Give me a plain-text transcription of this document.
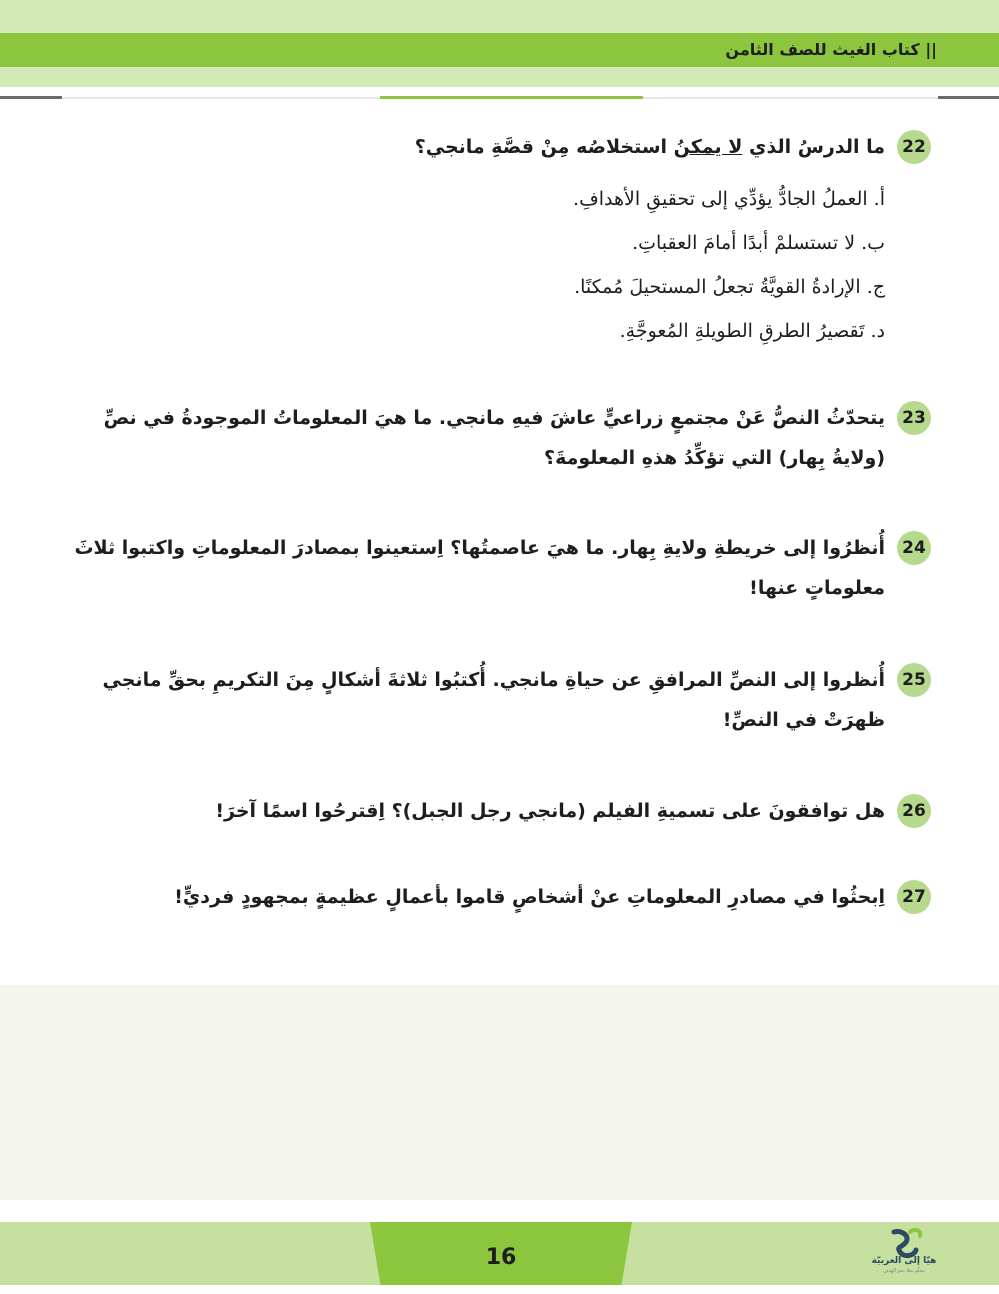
|| كتاب الغيث للصف الثامن
22
ما الدرسُ الذي لا يمكنُ استخلاصُه مِنْ قصَّةِ مانجي؟
أ. العملُ الجادُّ يؤدِّي إلى تحقيقِ الأهدافِ.
ب. لا تستسلمْ أبدًا أمامَ العقباتِ.
ج. الإرادةُ القويَّةُ تجعلُ المستحيلَ مُمكنًا.
د. تَقصيرُ الطرقِ الطويلةِ المُعوجَّةِ.
23
يتحدّثُ النصُّ عَنْ مجتمعٍ زراعيٍّ عاشَ فيهِ مانجي. ما هيَ المعلوماتُ الموجودةُ في نصِّ (ولايةُ بِهار) التي تؤكِّدُ هذهِ المعلومةَ؟
24
أُنظرُوا إلى خريطةِ ولايةِ بِهار. ما هيَ عاصمتُها؟ اِستعينوا بمصادرَ المعلوماتِ واكتبوا ثلاثَ معلوماتٍ عنها!
25
أُنظروا إلى النصِّ المرافقِ عن حياةِ مانجي. أُكتبُوا ثلاثةَ أشكالٍ مِنَ التكريمِ بحقِّ مانجي ظهرَتْ في النصِّ!
26
هل توافقونَ على تسميةِ الفيلم (مانجي رجل الجبل)؟ اِقترحُوا اسمًا آخرَ!
27
اِبحثُوا في مصادرِ المعلوماتِ عنْ أشخاصٍ قاموا بأعمالٍ عظيمةٍ بمجهودٍ فرديٍّ!
16	هيّا إلى العربيّة
نتعلّم معًا نحو الهدف
